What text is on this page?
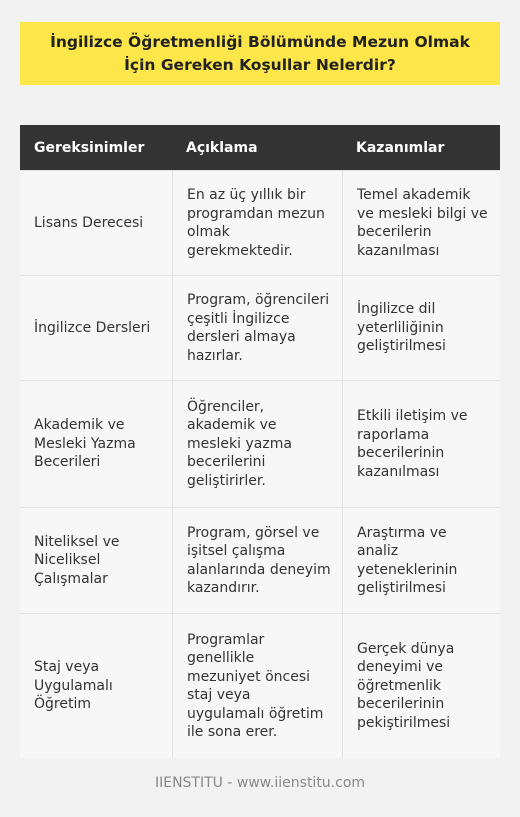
İngilizce Öğretmenliği Bölümünde Mezun Olmak İçin Gereken Koşullar Nelerdir?
Gereksinimler	Açıklama	Kazanımlar
Lisans Derecesi
En az üç yıllık bir programdan mezun olmak gerekmektedir.
Temel akademik ve mesleki bilgi ve becerilerin kazanılması
İngilizce Dersleri
Program, öğrencileri çeşitli İngilizce dersleri almaya hazırlar.
İngilizce dil yeterliliğinin geliştirilmesi
Akademik ve Mesleki Yazma Becerileri
Öğrenciler, akademik ve mesleki yazma becerilerini geliştirirler.
Etkili iletişim ve raporlama becerilerinin kazanılması
Niteliksel ve Niceliksel Çalışmalar
Program, görsel ve işitsel çalışma alanlarında deneyim kazandırır.
Araştırma ve analiz yeteneklerinin geliştirilmesi
Staj veya Uygulamalı Öğretim
Programlar genellikle mezuniyet öncesi staj veya uygulamalı öğretim ile sona erer.
Gerçek dünya deneyimi ve öğretmenlik becerilerinin pekiştirilmesi
IIENSTITU - www.iienstitu.com
